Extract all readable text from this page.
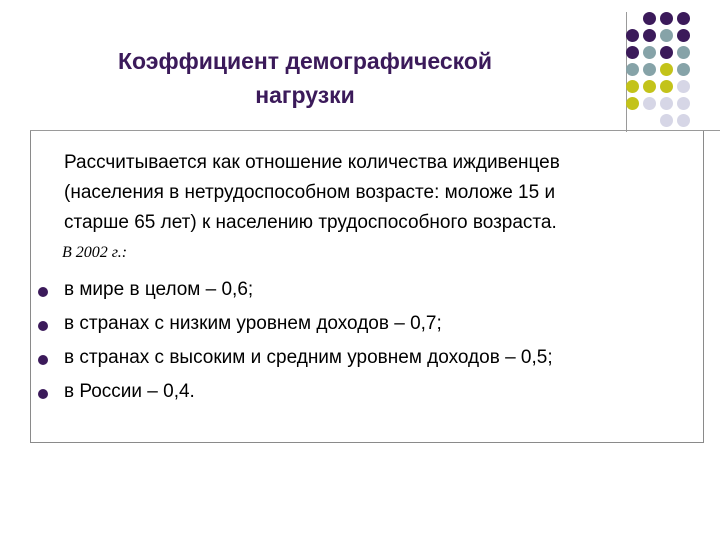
Коэффициент демографической
нагрузки
Рассчитывается как отношение количества иждивенцев
(населения в нетрудоспособном возрасте: моложе 15 и
старше 65 лет) к населению трудоспособного возраста.
В 2002 г.:
в мире в целом – 0,6;
в странах с низким уровнем доходов – 0,7;
в странах с высоким и средним уровнем доходов – 0,5;
в России – 0,4.
